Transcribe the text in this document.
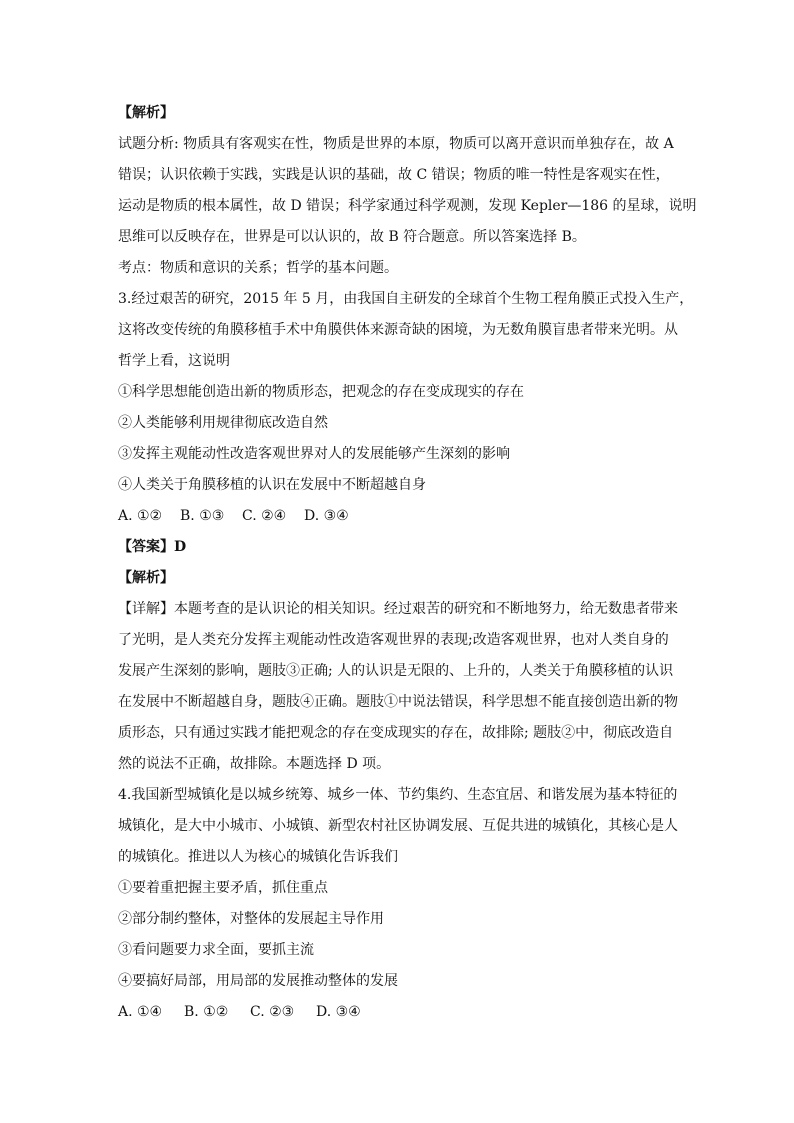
【解析】
试题分析: 物质具有客观实在性，物质是世界的本原，物质可以离开意识而单独存在，故 A
错误；认识依赖于实践，实践是认识的基础，故 C 错误；物质的唯一特性是客观实在性，
运动是物质的根本属性，故 D 错误；科学家通过科学观测，发现 Kepler—186 的星球，说明
思维可以反映存在，世界是可以认识的，故 B 符合题意。所以答案选择 B。
考点：物质和意识的关系；哲学的基本问题。
3.经过艰苦的研究，2015 年 5 月，由我国自主研发的全球首个生物工程角膜正式投入生产，
这将改变传统的角膜移植手术中角膜供体来源奇缺的困境，为无数角膜盲患者带来光明。从
哲学上看，这说明
①科学思想能创造出新的物质形态，把观念的存在变成现实的存在
②人类能够利用规律彻底改造自然
③发挥主观能动性改造客观世界对人的发展能够产生深刻的影响
④人类关于角膜移植的认识在发展中不断超越自身
A. ①② B. ①③ C. ②④ D. ③④
【答案】D
【解析】
【详解】本题考查的是认识论的相关知识。经过艰苦的研究和不断地努力，给无数患者带来
了光明，是人类充分发挥主观能动性改造客观世界的表现;改造客观世界，也对人类自身的
发展产生深刻的影响，题肢③正确; 人的认识是无限的、上升的，人类关于角膜移植的认识
在发展中不断超越自身，题肢④正确。题肢①中说法错误，科学思想不能直接创造出新的物
质形态，只有通过实践才能把观念的存在变成现实的存在，故排除; 题肢②中，彻底改造自
然的说法不正确，故排除。本题选择 D 项。
4.我国新型城镇化是以城乡统筹、城乡一体、节约集约、生态宜居、和谐发展为基本特征的
城镇化，是大中小城市、小城镇、新型农村社区协调发展、互促共进的城镇化，其核心是人
的城镇化。推进以人为核心的城镇化告诉我们
①要着重把握主要矛盾，抓住重点
②部分制约整体，对整体的发展起主导作用
③看问题要力求全面，要抓主流
④要搞好局部，用局部的发展推动整体的发展
A. ①④ B. ①② C. ②③ D. ③④
